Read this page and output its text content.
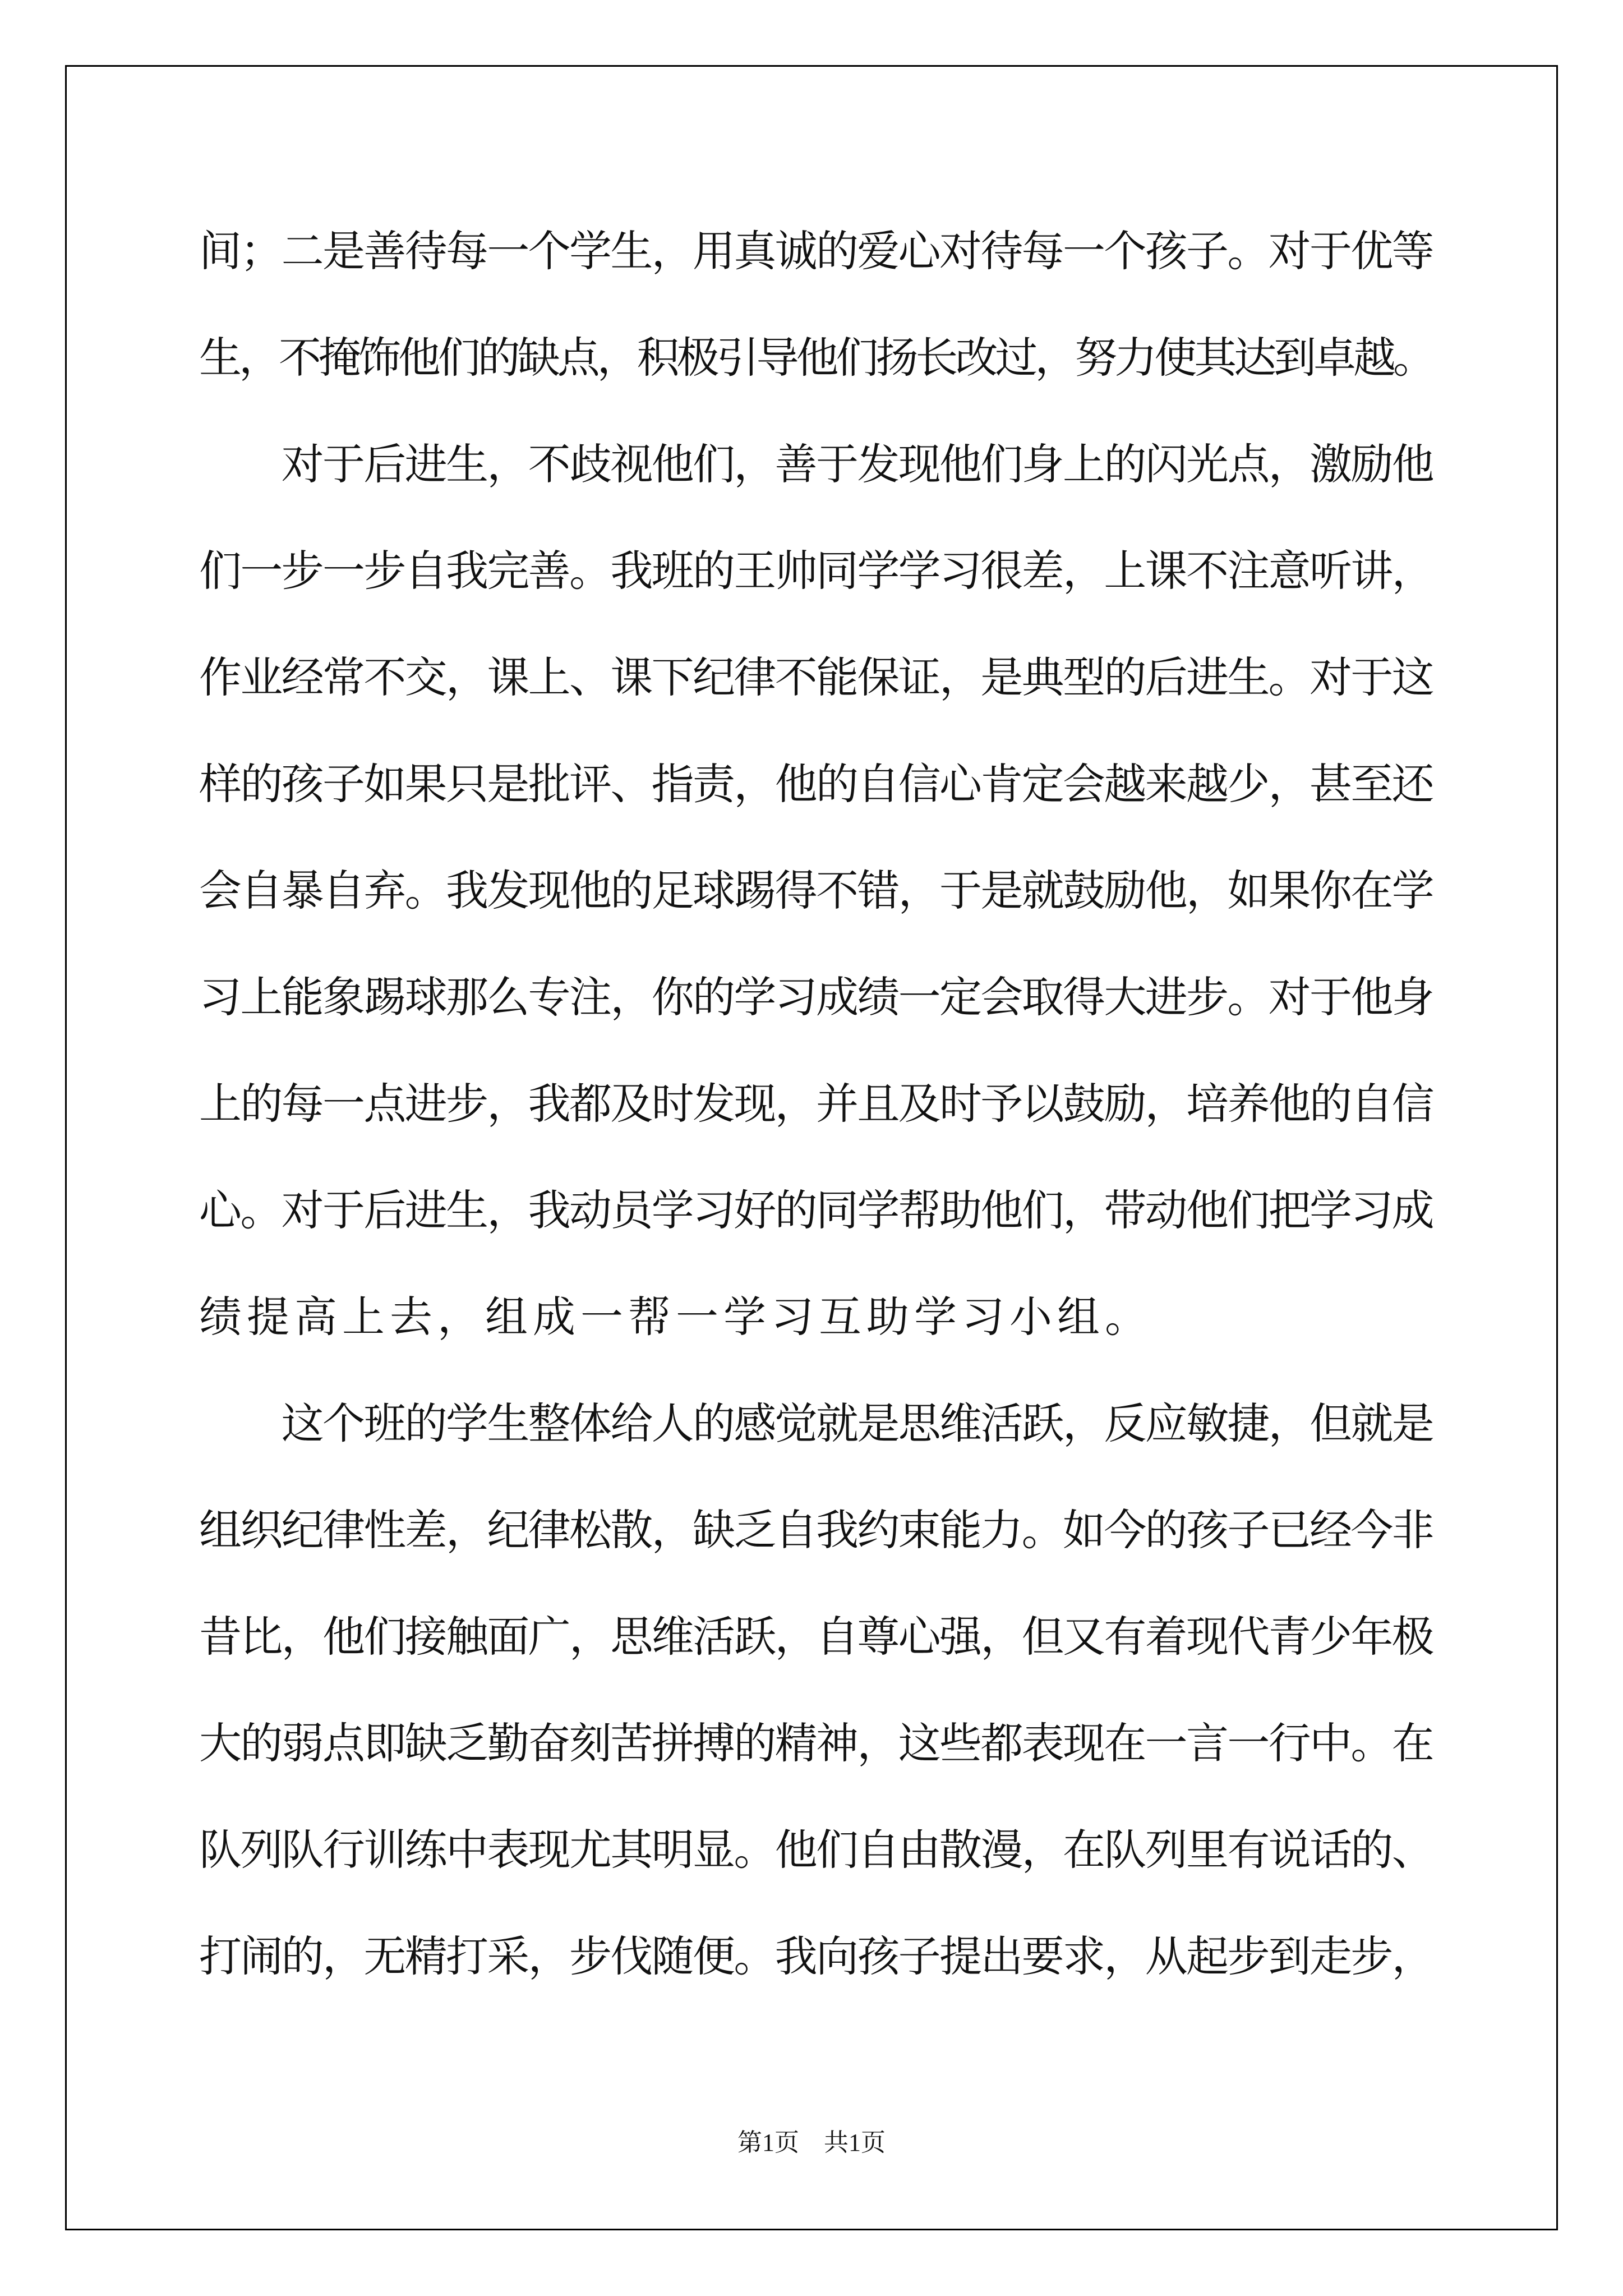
间；二是善待每一个学生，用真诚的爱心对待每一个孩子。对于优等
生，不掩饰他们的缺点，积极引导他们扬长改过，努力使其达到卓越。
　　对于后进生，不歧视他们，善于发现他们身上的闪光点，激励他
们一步一步自我完善。我班的王帅同学学习很差，上课不注意听讲，
作业经常不交，课上、课下纪律不能保证，是典型的后进生。对于这
样的孩子如果只是批评、指责，他的自信心肯定会越来越少，甚至还
会自暴自弃。我发现他的足球踢得不错，于是就鼓励他，如果你在学
习上能象踢球那么专注，你的学习成绩一定会取得大进步。对于他身
上的每一点进步，我都及时发现，并且及时予以鼓励，培养他的自信
心。对于后进生，我动员学习好的同学帮助他们，带动他们把学习成
绩提高上去，组成一帮一学习互助学习小组。
　　这个班的学生整体给人的感觉就是思维活跃，反应敏捷，但就是
组织纪律性差，纪律松散，缺乏自我约束能力。如今的孩子已经今非
昔比，他们接触面广，思维活跃，自尊心强，但又有着现代青少年极
大的弱点即缺乏勤奋刻苦拼搏的精神，这些都表现在一言一行中。在
队列队行训练中表现尤其明显。他们自由散漫，在队列里有说话的、
打闹的，无精打采，步伐随便。我向孩子提出要求，从起步到走步，
第1页　共1页
